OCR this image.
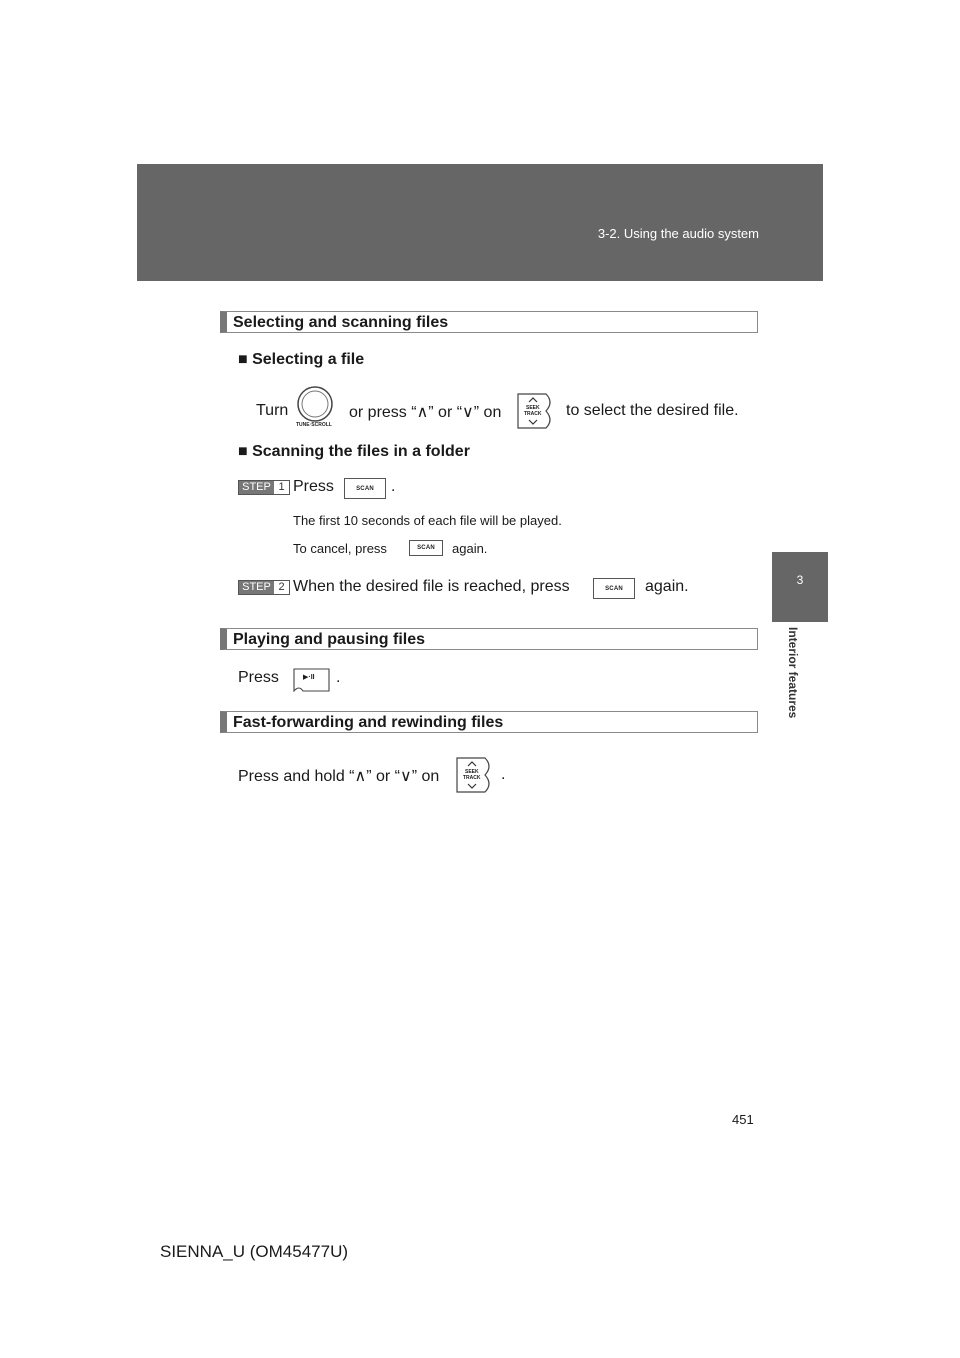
3-2. Using the audio system
3
Interior features
Selecting and scanning files
■ Selecting a file
Turn
TUNE·SCROLL
or press “∧” or “∨” on	SEEK
TRACK to select the desired file.
■ Scanning the files in a folder
STEP 1 Press	SCAN	.
The first 10 seconds of each file will be played.
To cancel, press	SCAN	again.
STEP 2 When the desired file is reached, press	SCAN	again.
Playing and pausing files
Press	▶·II .
Fast-forwarding and rewinding files
Press and hold “∧” or “∨” on	SEEK
TRACK .
451
SIENNA_U (OM45477U)
